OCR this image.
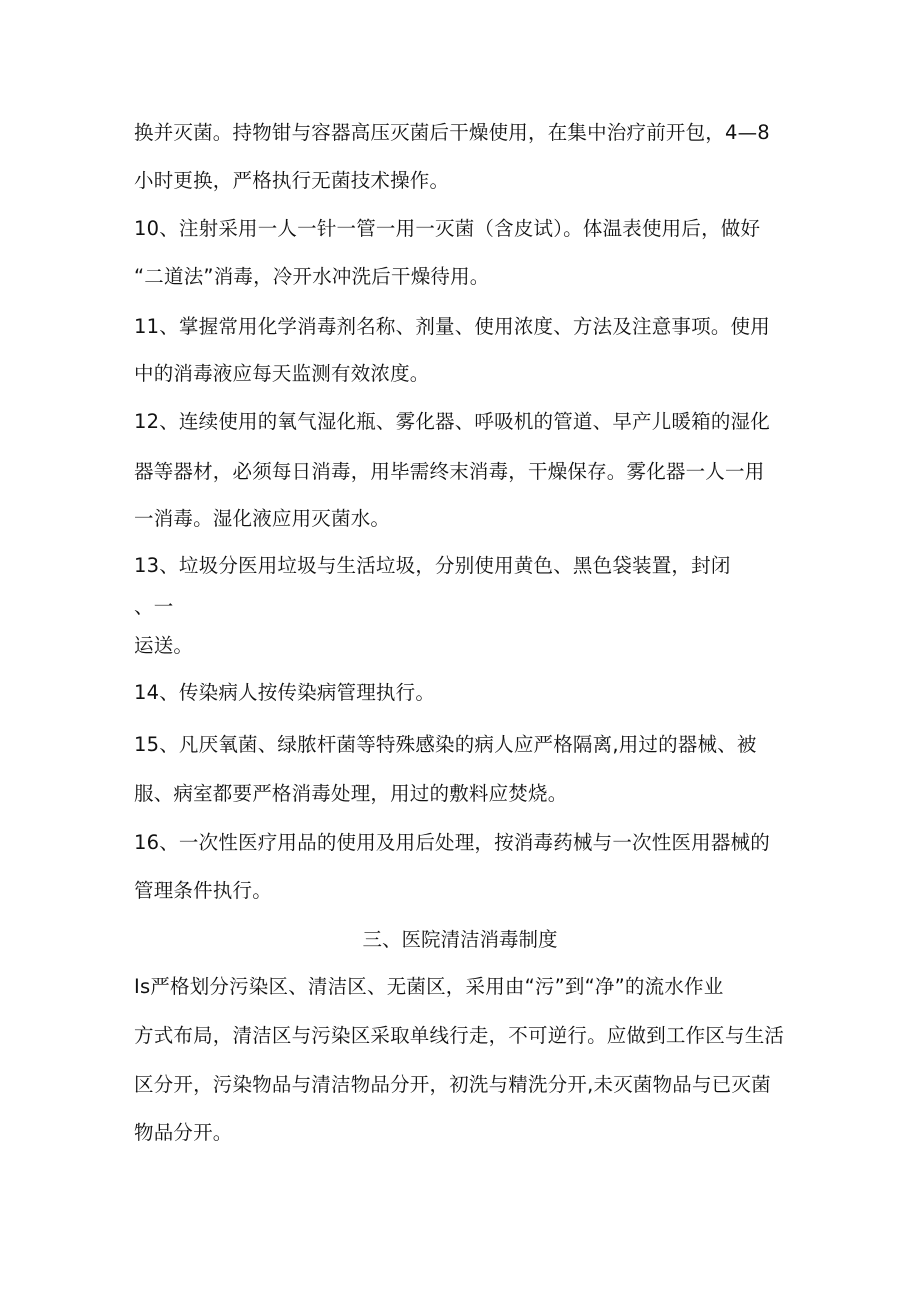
换并灭菌。持物钳与容器高压灭菌后干燥使用，在集中治疗前开包，4—8
小时更换，严格执行无菌技术操作。
10、注射采用一人一针一管一用一灭菌（含皮试）。体温表使用后，做好
“二道法”消毒，冷开水冲洗后干燥待用。
11、掌握常用化学消毒剂名称、剂量、使用浓度、方法及注意事项。使用
中的消毒液应每天监测有效浓度。
12、连续使用的氧气湿化瓶、雾化器、呼吸机的管道、早产儿暖箱的湿化
器等器材，必须每日消毒，用毕需终末消毒，干燥保存。雾化器一人一用
一消毒。湿化液应用灭菌水。
13、垃圾分医用垃圾与生活垃圾，分别使用黄色、黑色袋装置，封闭
、一
运送。
14、传染病人按传染病管理执行。
15、凡厌氧菌、绿脓杆菌等特殊感染的病人应严格隔离,用过的器械、被
服、病室都要严格消毒处理，用过的敷料应焚烧。
16、一次性医疗用品的使用及用后处理，按消毒药械与一次性医用器械的
管理条件执行。
三、医院清洁消毒制度
Is严格划分污染区、清洁区、无菌区，采用由“污”到“净”的流水作业
方式布局，清洁区与污染区采取单线行走，不可逆行。应做到工作区与生活
区分开，污染物品与清洁物品分开，初洗与精洗分开,未灭菌物品与已灭菌
物品分开。
